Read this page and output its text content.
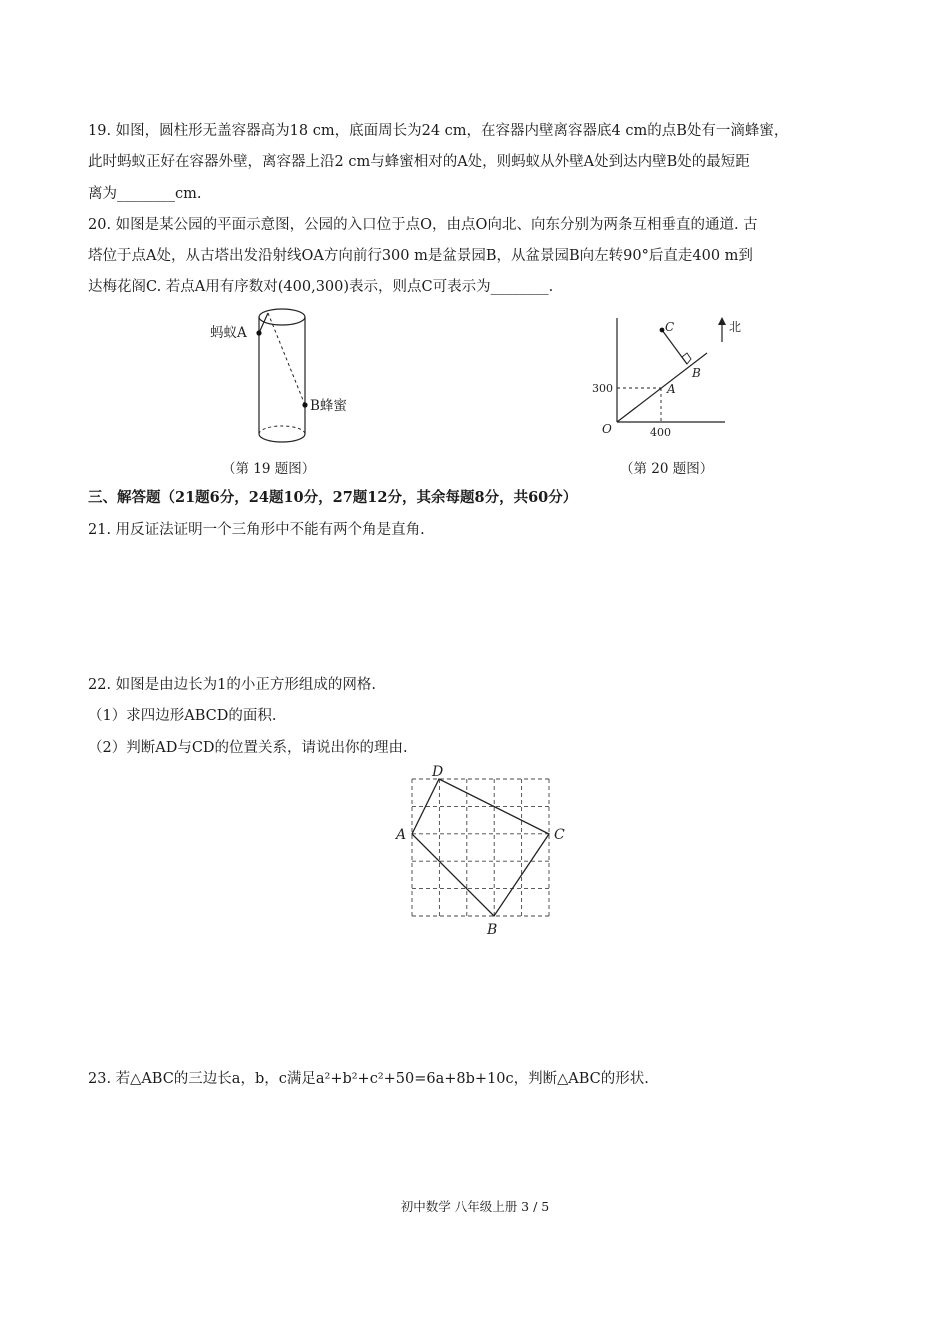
19. 如图，圆柱形无盖容器高为18 cm，底面周长为24 cm，在容器内壁离容器底4 cm的点B处有一滴蜂蜜，
此时蚂蚁正好在容器外壁，离容器上沿2 cm与蜂蜜相对的A处，则蚂蚁从外壁A处到达内壁B处的最短距
离为________cm.
20. 如图是某公园的平面示意图，公园的入口位于点O，由点O向北、向东分别为两条互相垂直的通道. 古
塔位于点A处，从古塔出发沿射线OA方向前行300 m是盆景园B，从盆景园B向左转90°后直走400 m到
达梅花阁C. 若点A用有序数对(400,300)表示，则点C可表示为________.
蚂蚁A
B蜂蜜
（第 19 题图）
C
B
A
O
300
400
北
（第 20 题图）
三、解答题（21题6分，24题10分，27题12分，其余每题8分，共60分）
21. 用反证法证明一个三角形中不能有两个角是直角.
22. 如图是由边长为1的小正方形组成的网格.
（1）求四边形ABCD的面积.
（2）判断AD与CD的位置关系，请说出你的理由.
D
A	C
B
23. 若△ABC的三边长a，b，c满足a²+b²+c²+50=6a+8b+10c，判断△ABC的形状.
初中数学 八年级上册 3 / 5
